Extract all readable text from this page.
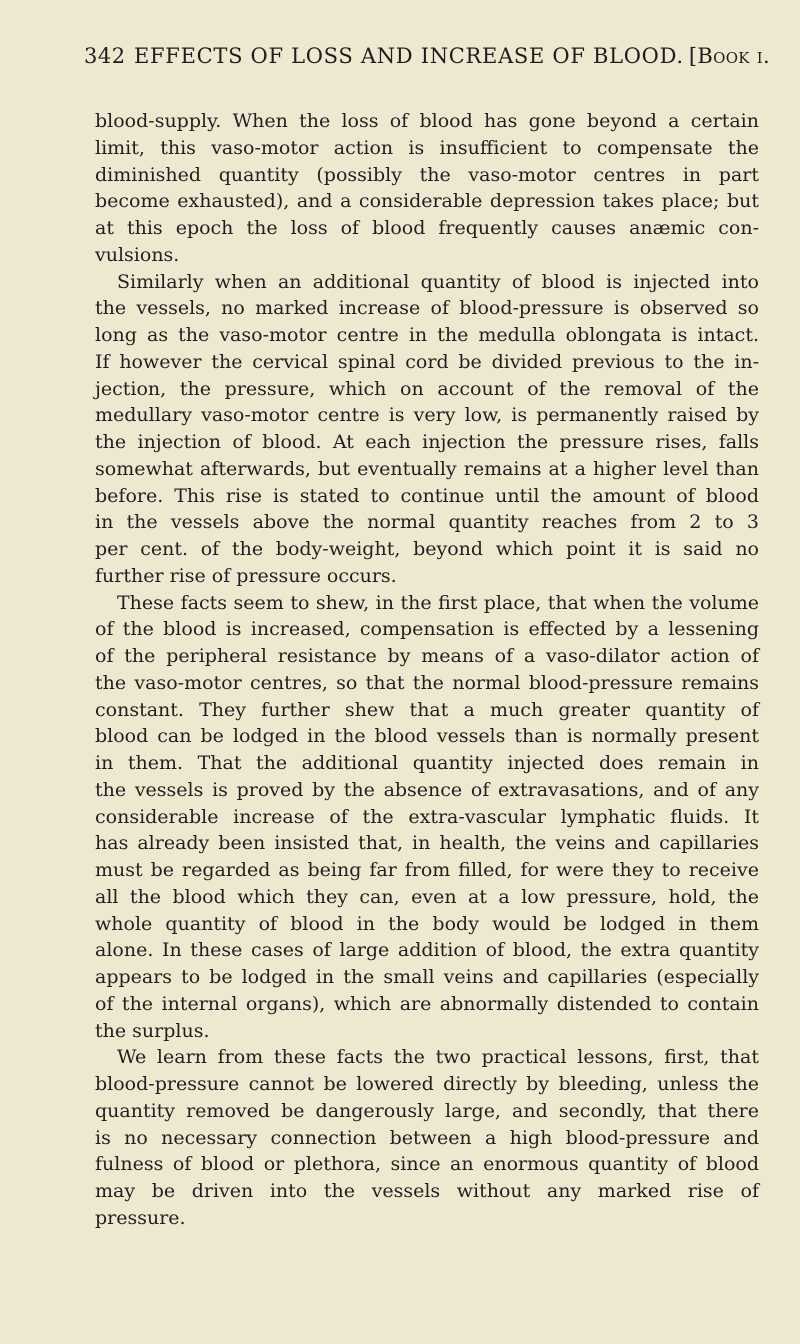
342 EFFECTS OF LOSS AND INCREASE OF BLOOD. [Book i.
blood-supply. When the loss of blood has gone beyond a certain
limit, this vaso-motor action is insufficient to compensate the
diminished quantity (possibly the vaso-motor centres in part
become exhausted), and a considerable depression takes place; but
at this epoch the loss of blood frequently causes anæmic con-
vulsions.
Similarly when an additional quantity of blood is injected into
the vessels, no marked increase of blood-pressure is observed so
long as the vaso-motor centre in the medulla oblongata is intact.
If however the cervical spinal cord be divided previous to the in-
jection, the pressure, which on account of the removal of the
medullary vaso-motor centre is very low, is permanently raised by
the injection of blood. At each injection the pressure rises, falls
somewhat afterwards, but eventually remains at a higher level than
before. This rise is stated to continue until the amount of blood
in the vessels above the normal quantity reaches from 2 to 3
per cent. of the body-weight, beyond which point it is said no
further rise of pressure occurs.
These facts seem to shew, in the first place, that when the volume
of the blood is increased, compensation is effected by a lessening
of the peripheral resistance by means of a vaso-dilator action of
the vaso-motor centres, so that the normal blood-pressure remains
constant. They further shew that a much greater quantity of
blood can be lodged in the blood vessels than is normally present
in them. That the additional quantity injected does remain in
the vessels is proved by the absence of extravasations, and of any
considerable increase of the extra-vascular lymphatic fluids. It
has already been insisted that, in health, the veins and capillaries
must be regarded as being far from filled, for were they to receive
all the blood which they can, even at a low pressure, hold, the
whole quantity of blood in the body would be lodged in them
alone. In these cases of large addition of blood, the extra quantity
appears to be lodged in the small veins and capillaries (especially
of the internal organs), which are abnormally distended to contain
the surplus.
We learn from these facts the two practical lessons, first, that
blood-pressure cannot be lowered directly by bleeding, unless the
quantity removed be dangerously large, and secondly, that there
is no necessary connection between a high blood-pressure and
fulness of blood or plethora, since an enormous quantity of blood
may be driven into the vessels without any marked rise of
pressure.
